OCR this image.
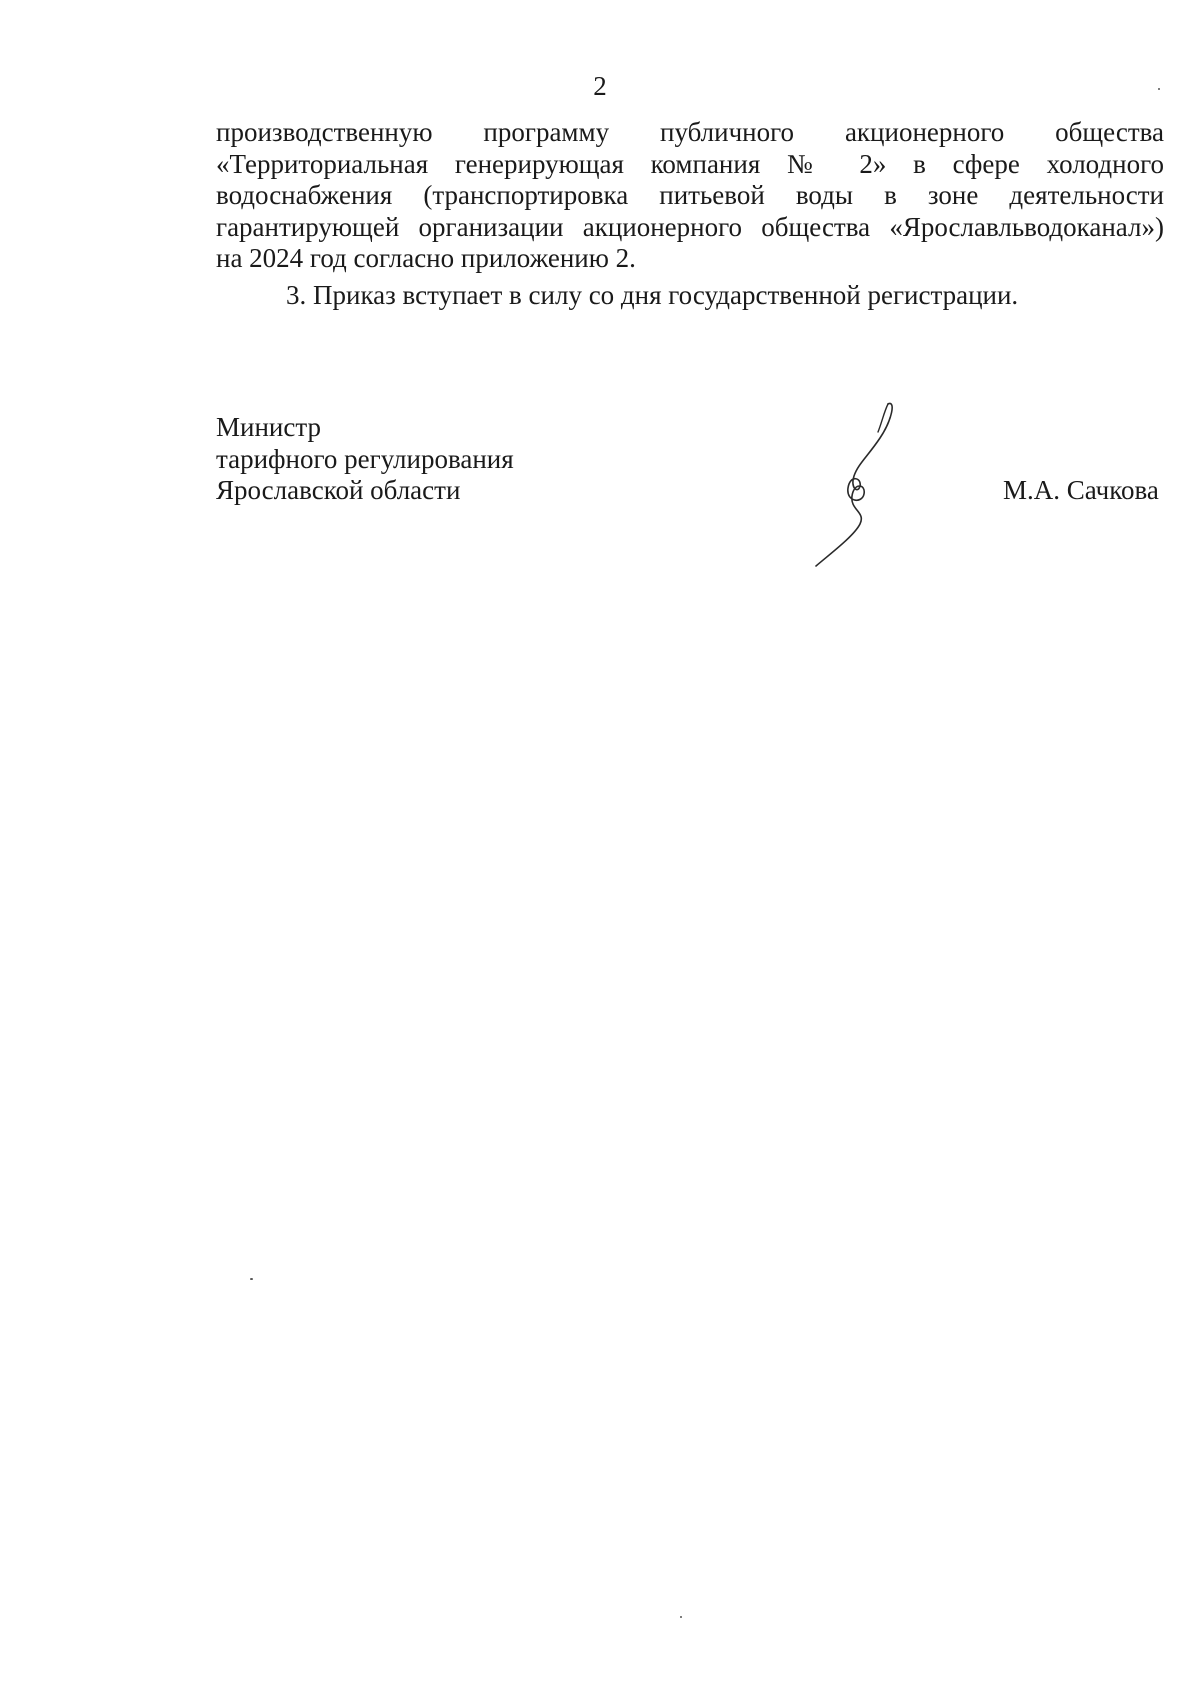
2
производственную программу публичного акционерного общества
«Территориальная генерирующая компания № 2» в сфере холодного
водоснабжения (транспортировка питьевой воды в зоне деятельности
гарантирующей организации акционерного общества «Ярославльводоканал»)
на 2024 год согласно приложению 2.
3. Приказ вступает в силу со дня государственной регистрации.
Министр
тарифного регулирования
Ярославской области	М.А. Сачкова
